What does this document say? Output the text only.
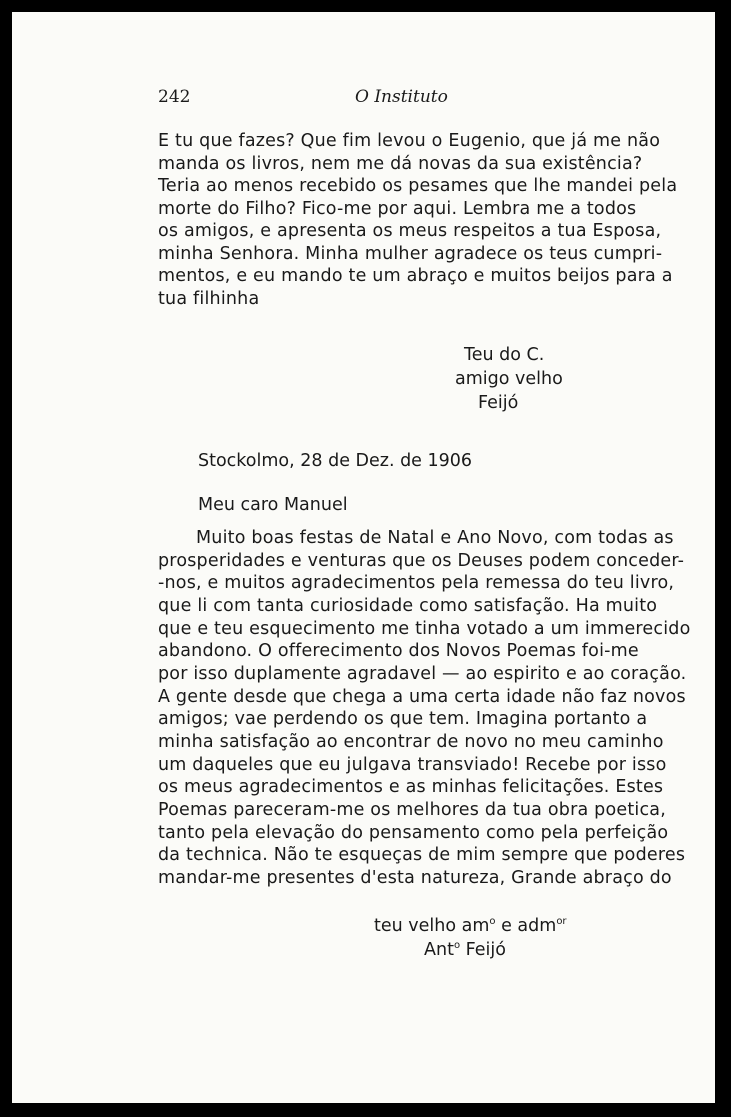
242	O Instituto

E tu que fazes? Que fim levou o Eugenio, que já me não
manda os livros, nem me dá novas da sua existência?
Teria ao menos recebido os pesames que lhe mandei pela
morte do Filho? Fico-me por aqui. Lembra me a todos
os amigos, e apresenta os meus respeitos a tua Esposa,
minha Senhora. Minha mulher agradece os teus cumpri-
mentos, e eu mando te um abraço e muitos beijos para a
tua filhinha

Teu do C.
amigo velho
Feijó
Stockolmo, 28 de Dez. de 1906
Meu caro Manuel

Muito boas festas de Natal e Ano Novo, com todas as
prosperidades e venturas que os Deuses podem conceder-
-nos, e muitos agradecimentos pela remessa do teu livro,
que li com tanta curiosidade como satisfação. Ha muito
que e teu esquecimento me tinha votado a um immerecido
abandono. O offerecimento dos Novos Poemas foi-me
por isso duplamente agradavel — ao espirito e ao coração.
A gente desde que chega a uma certa idade não faz novos
amigos; vae perdendo os que tem. Imagina portanto a
minha satisfação ao encontrar de novo no meu caminho
um daqueles que eu julgava transviado! Recebe por isso
os meus agradecimentos e as minhas felicitações. Estes
Poemas pareceram-me os melhores da tua obra poetica,
tanto pela elevação do pensamento como pela perfeição
da technica. Não te esqueças de mim sempre que poderes
mandar-me presentes d'esta natureza, Grande abraço do

teu velho $am^o$ e adm$^{or}$
Ant$^o$ Feijó
